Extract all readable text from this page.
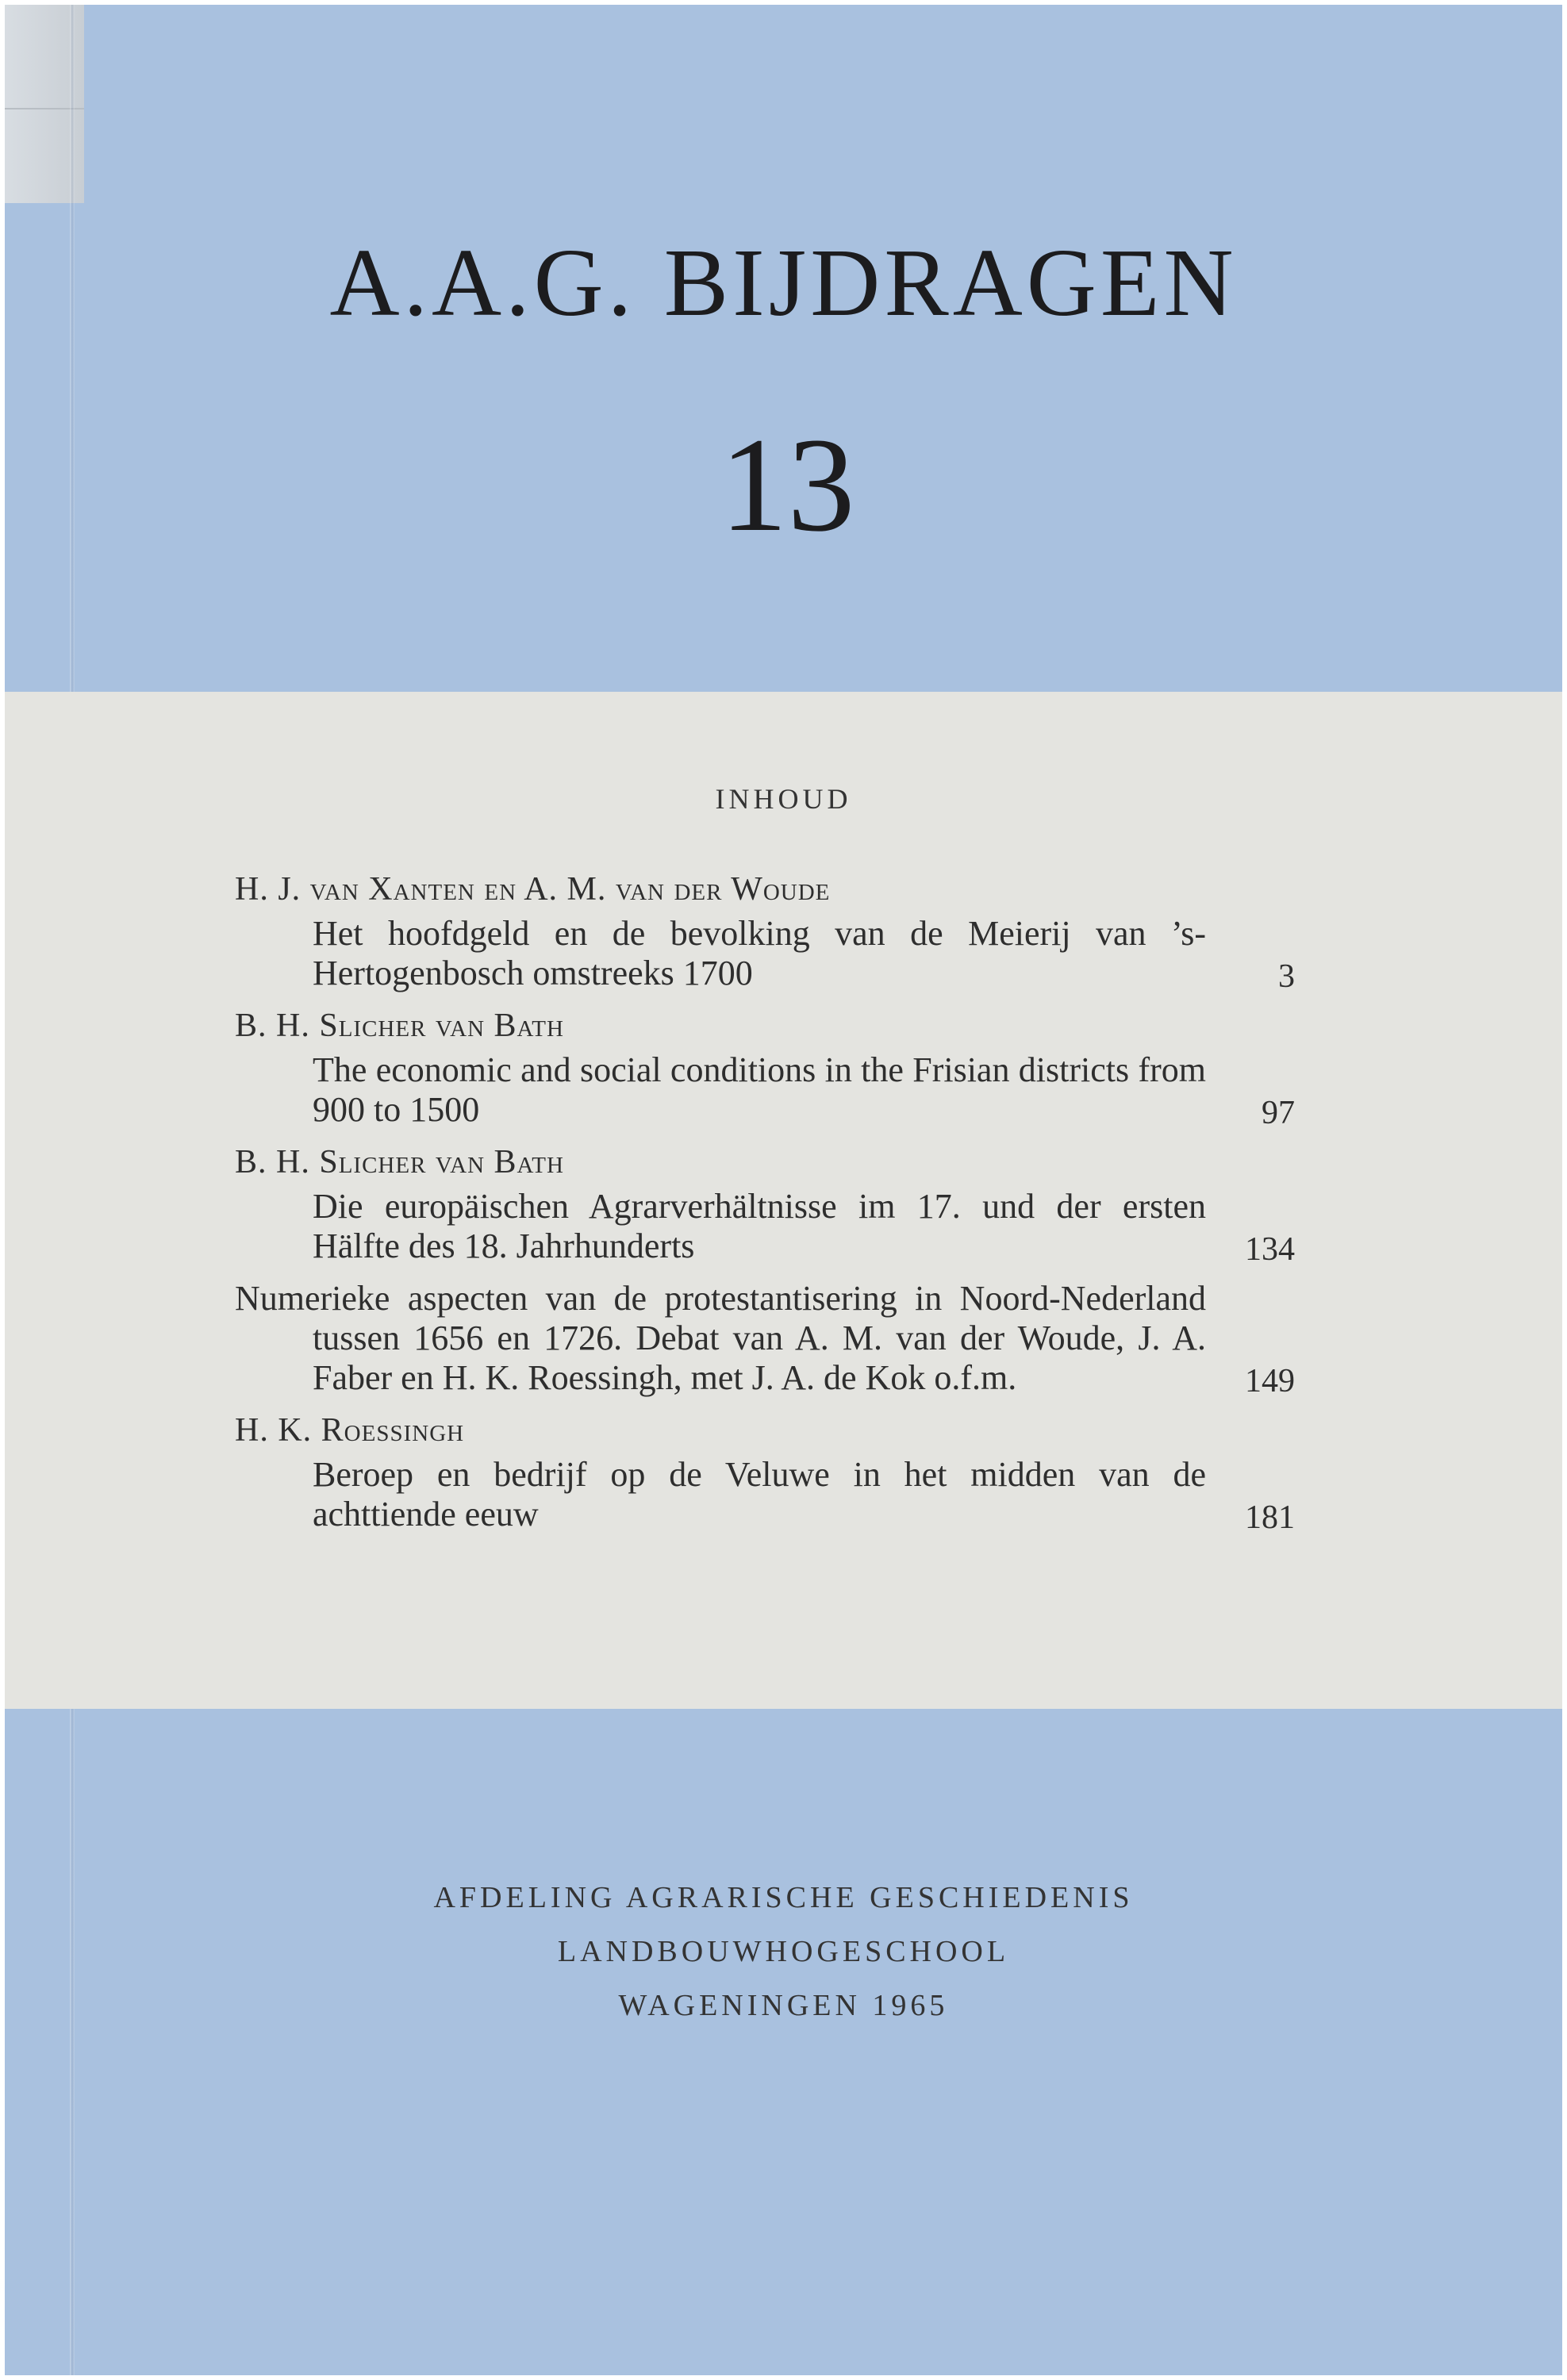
A.A.G. BIJDRAGEN
13
INHOUD
H. J. van Xanten en A. M. van der Woude
Het hoofdgeld en de bevolking van de Meierij van ’s-Hertogenbosch omstreeks 1700	3
B. H. Slicher van Bath
The economic and social conditions in the Frisian districts from 900 to 1500	97
B. H. Slicher van Bath
Die europäischen Agrarverhältnisse im 17. und der ersten Hälfte des 18. Jahrhunderts	134
Numerieke aspecten van de protestantisering in Noord-Nederland tussen 1656 en 1726. Debat van A. M. van der Woude, J. A. Faber en H. K. Roessingh, met J. A. de Kok o.f.m.	149
H. K. Roessingh
Beroep en bedrijf op de Veluwe in het midden van de achttiende eeuw	181
AFDELING AGRARISCHE GESCHIEDENIS
LANDBOUWHOGESCHOOL
WAGENINGEN 1965
